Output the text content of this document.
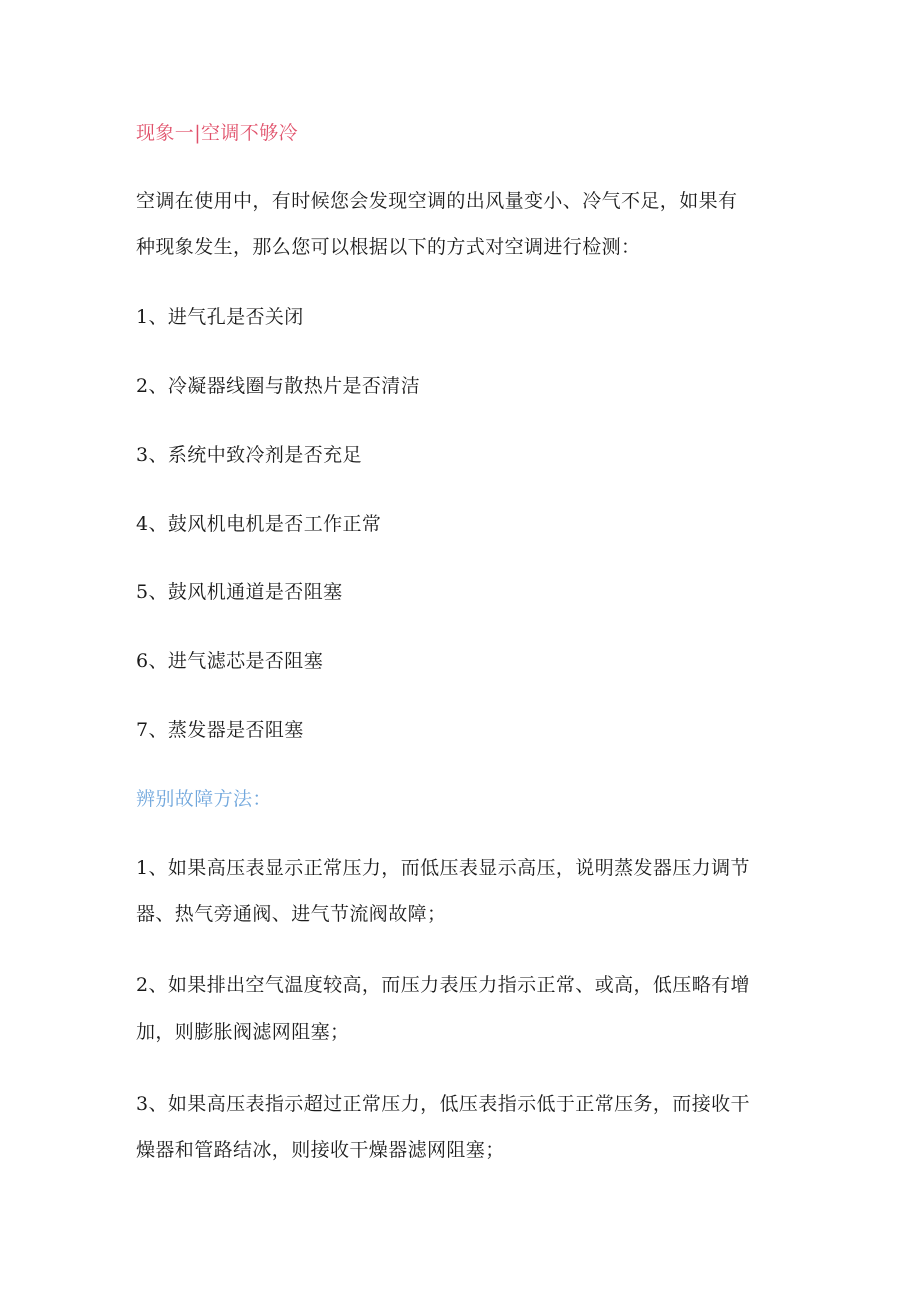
现象一|空调不够冷

空调在使用中，有时候您会发现空调的出风量变小、冷气不足，如果有

种现象发生，那么您可以根据以下的方式对空调进行检测：

1、进气孔是否关闭

2、冷凝器线圈与散热片是否清洁

3、系统中致冷剂是否充足

4、鼓风机电机是否工作正常

5、鼓风机通道是否阻塞

6、进气滤芯是否阻塞

7、蒸发器是否阻塞

辨别故障方法：

1、如果高压表显示正常压力，而低压表显示高压，说明蒸发器压力调节

器、热气旁通阀、进气节流阀故障；

2、如果排出空气温度较高，而压力表压力指示正常、或高，低压略有增

加，则膨胀阀滤网阻塞；

3、如果高压表指示超过正常压力，低压表指示低于正常压务，而接收干

燥器和管路结冰，则接收干燥器滤网阻塞；
